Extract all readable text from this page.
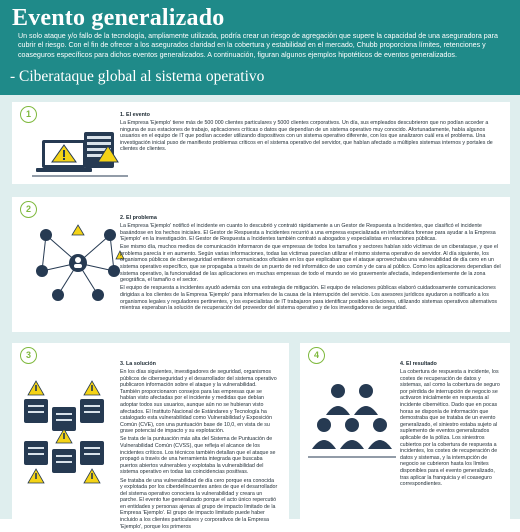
Evento generalizado

Un solo ataque y/o fallo de la tecnología, ampliamente utilizada, podría crear un riesgo de agregación que supere la capacidad de una aseguradora para cubrir el riesgo. Con el fin de ofrecer a los asegurados claridad en la cobertura y estabilidad en el mercado, Chubb proporciona límites, retenciones y coaseguros específicos para dichos eventos generalizados. A continuación, figuran algunos ejemplos hipotéticos de eventos generalizados.

- Ciberataque global al sistema operativo
1	1. El evento

La Empresa 'Ejemplo' tiene más de 500 000 clientes particulares y 5000 clientes corporativos. Un día, sus empleados descubrieron que no podían acceder a ninguna de sus estaciones de trabajo, aplicaciones críticas o datos que dependían de un sistema operativo muy conocido. Afortunadamente, había algunos usuarios en el equipo de IT que podían acceder utilizando dispositivos con un sistema operativo diferente, con los que analizaron cuál era el problema. Una investigación inicial puso de manifiesto problemas críticos en el sistema operativo del servidor, que habían afectado a múltiples sistemas internos y portales de clientes de clientes.

2
2. El problema

La Empresa 'Ejemplo' notificó el incidente en cuanto lo descubrió y contrató rápidamente a un Gestor de Respuesta a Incidentes, que clasificó el incidente basándose en los hechos iniciales. El Gestor de Respuesta a Incidentes recurrió a una empresa especializada en informática forense para ayudar a la Empresa 'Ejemplo' en la investigación. El Gestor de Respuesta a Incidentes también contrató a abogados y especialistas en relaciones públicas.

Ese mismo día, muchos medios de comunicación informaron de que empresas de todos los tamaños y sectores habían sido víctimas de un ciberataque, y que el problema parecía ir en aumento. Según varias informaciones, todas las víctimas parecían utilizar el mismo sistema operativo de servidor. Al día siguiente, los organismos públicos de ciberseguridad emitieron comunicados oficiales en los que explicaban que el ataque aprovechaba una vulnerabilidad de día cero en un sistema operativo específico, que se propagaba a través de un puerto de red informático de uso común y de cara al público. Como los aplicaciones dependían del sistema operativo, la funcionalidad de las aplicaciones en muchas empresas de todo el mundo se vio gravemente afectada, independientemente de la zona geográfica, el tamaño o el sector.

El equipo de respuesta a incidentes ayudó además con una estrategia de mitigación. El equipo de relaciones públicas elaboró cuidadosamente comunicaciones dirigidas a los clientes de la Empresa 'Ejemplo' para informarles de la causa de la interrupción del servicio. Los asesores jurídicos ayudaron a notificarlo a los organismos legales y reguladores pertinentes, y los especialistas de IT trabajaron para identificar posibles soluciones, utilizando sistemas operativos alternativos mientras esperaban la solución de recuperación del proveedor del sistema operativo y de los investigadores de seguridad.

3
3. La solución

En los días siguientes, investigadores de seguridad, organismos públicos de ciberseguridad y el desarrollador del sistema operativo publicaron información sobre el ataque y la vulnerabilidad. También proporcionaron consejos para las empresas que se habían visto afectadas por el incidente y medidas que debían adoptar todos sus usuarios, aunque aún no se hubieran visto afectados. El Instituto Nacional de Estándares y Tecnología ha catalogado esta vulnerabilidad como Vulnerabilidad y Exposición Común (CVE), con una puntuación base de 10,0, en vista de su grave potencial de impacto y su explotación.

Se trata de la puntuación más alta del Sistema de Puntuación de Vulnerabilidad Común (CVSS), que refleja el alcance de los incidentes críticos. Los técnicos también detallan que el ataque se propagó a través de una herramienta integrada que buscaba puertos abiertos vulnerables y explotaba la vulnerabilidad del sistema operativo en todas las coincidencias positivas.

Se trataba de una vulnerabilidad de día cero porque era conocida y explotada por los ciberdelincuentes antes de que el desarrollador del sistema operativo conociera la vulnerabilidad y creara un parche. El evento fue generalizado porque el acto único repercutió en entidades y personas ajenas al grupo de impacto limitado de la Empresa 'Ejemplo'. El grupo de impacto limitado puede haber incluido a los clientes particulares y corporativos de la Empresa 'Ejemplo', porque los primeros

4
4. El resultado

La cobertura de respuesta a incidente, los costes de recuperación de datos y sistemas, así como la cobertura de seguro por pérdida de interrupción de negocio se activaron inicialmente en respuesta al incidente cibernético. Dado que en pocas horas se disponía de información que demostraba que se trataba de un evento generalizado, el siniestro estaba sujeto al suplemento de eventos generalizados aplicable de la póliza. Los siniestros cubiertos por la cobertura de respuesta a incidentes, los costes de recuperación de datos y sistemas, y la interrupción de negocio se cubrieron hasta los límites disponibles para el evento generalizado, tras aplicar la franquicia y el coaseguro correspondientes.
